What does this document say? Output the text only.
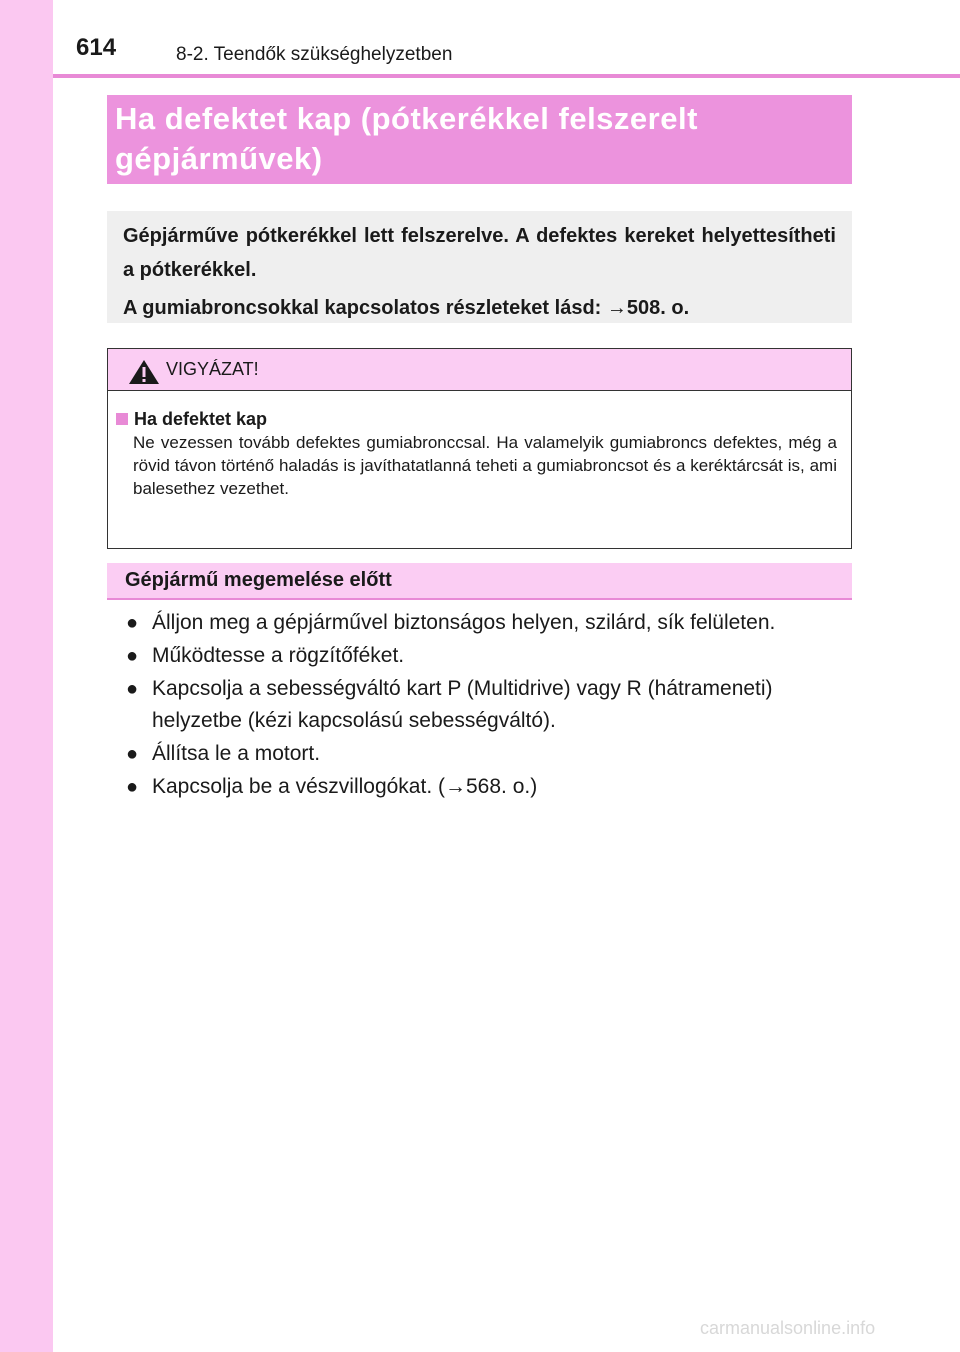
614	8-2. Teendők szükséghelyzetben
Ha defektet kap (pótkerékkel felszerelt gépjárművek)

Gépjárműve pótkerékkel lett felszerelve. A defektes kereket helyettesítheti a pótkerékkel.

A gumiabroncsokkal kapcsolatos részleteket lásd: →508. o.

VIGYÁZAT!
Ha defektet kap

Ne vezessen tovább defektes gumiabronccsal. Ha valamelyik gumiabroncs defektes, még a rövid távon történő haladás is javíthatatlanná teheti a gumiabroncsot és a keréktárcsát is, ami balesethez vezethet.

Gépjármű megemelése előtt
● Álljon meg a gépjárművel biztonságos helyen, szilárd, sík felületen.
● Működtesse a rögzítőféket.
● Kapcsolja a sebességváltó kart P (Multidrive) vagy R (hátrameneti) helyzetbe (kézi kapcsolású sebességváltó).
● Állítsa le a motort.
● Kapcsolja be a vészvillogókat. (→568. o.)
carmanualsonline.info
